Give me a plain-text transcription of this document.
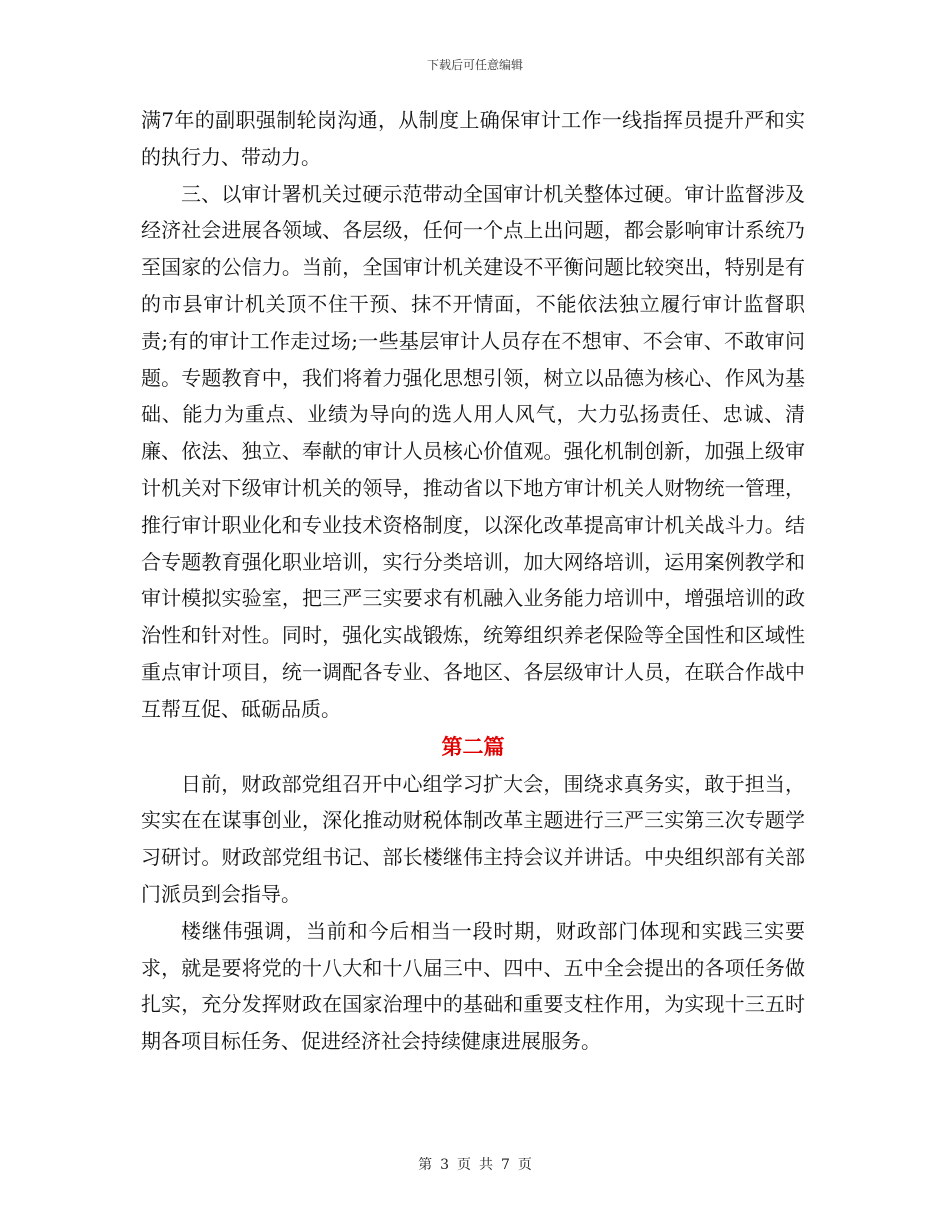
下载后可任意编辑

满7年的副职强制轮岗沟通，从制度上确保审计工作一线指挥员提升严和实的执行力、带动力。

三、以审计署机关过硬示范带动全国审计机关整体过硬。审计监督涉及经济社会进展各领域、各层级，任何一个点上出问题，都会影响审计系统乃至国家的公信力。当前，全国审计机关建设不平衡问题比较突出，特别是有的市县审计机关顶不住干预、抹不开情面，不能依法独立履行审计监督职责;有的审计工作走过场;一些基层审计人员存在不想审、不会审、不敢审问题。专题教育中，我们将着力强化思想引领，树立以品德为核心、作风为基础、能力为重点、业绩为导向的选人用人风气，大力弘扬责任、忠诚、清廉、依法、独立、奉献的审计人员核心价值观。强化机制创新，加强上级审计机关对下级审计机关的领导，推动省以下地方审计机关人财物统一管理，推行审计职业化和专业技术资格制度，以深化改革提高审计机关战斗力。结合专题教育强化职业培训，实行分类培训，加大网络培训，运用案例教学和审计模拟实验室，把三严三实要求有机融入业务能力培训中，增强培训的政治性和针对性。同时，强化实战锻炼，统筹组织养老保险等全国性和区域性重点审计项目，统一调配各专业、各地区、各层级审计人员，在联合作战中互帮互促、砥砺品质。

第二篇

日前，财政部党组召开中心组学习扩大会，围绕求真务实，敢于担当，实实在在谋事创业，深化推动财税体制改革主题进行三严三实第三次专题学习研讨。财政部党组书记、部长楼继伟主持会议并讲话。中央组织部有关部门派员到会指导。

楼继伟强调，当前和今后相当一段时期，财政部门体现和实践三实要求，就是要将党的十八大和十八届三中、四中、五中全会提出的各项任务做扎实，充分发挥财政在国家治理中的基础和重要支柱作用，为实现十三五时期各项目标任务、促进经济社会持续健康进展服务。

第 3 页 共 7 页
